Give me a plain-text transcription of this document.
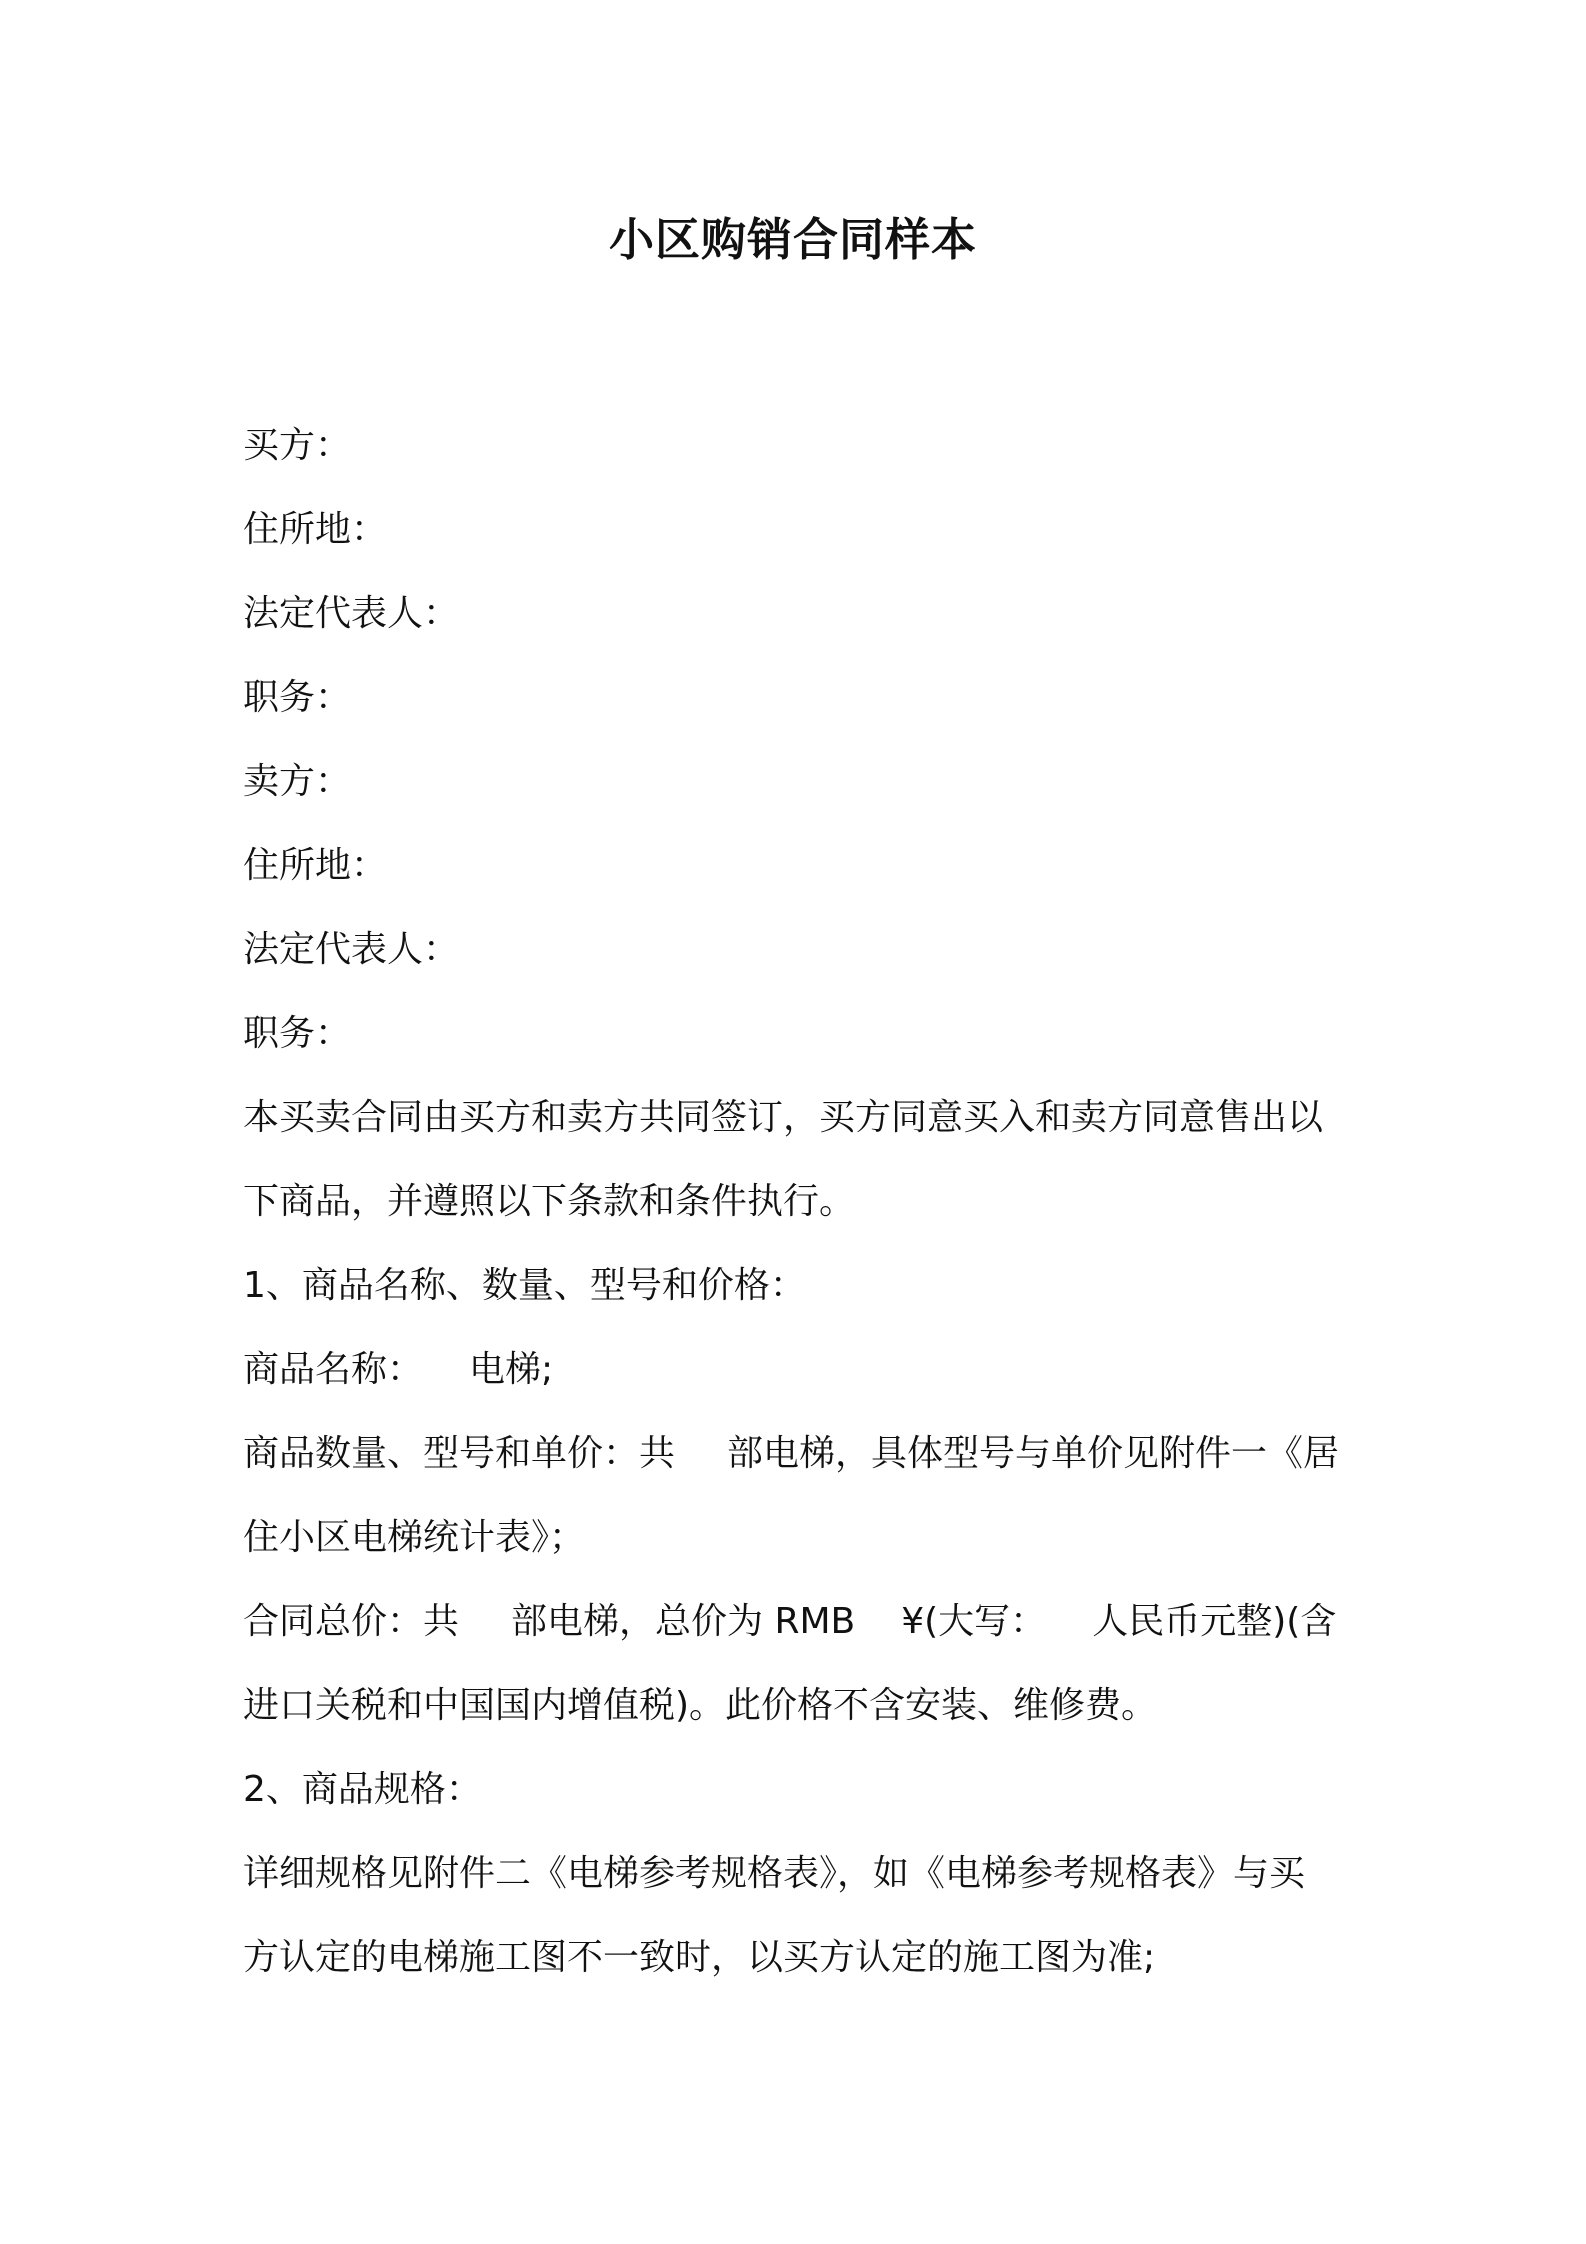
小区购销合同样本
买方：
住所地：
法定代表人：
职务：
卖方：
住所地：
法定代表人：
职务：
本买卖合同由买方和卖方共同签订，买方同意买入和卖方同意售出以
下商品，并遵照以下条款和条件执行。
1、商品名称、数量、型号和价格：
商品名称： 电梯;
商品数量、型号和单价：共 部电梯，具体型号与单价见附件一《居
住小区电梯统计表》；
合同总价：共 部电梯，总价为 RMB ¥(大写： 人民币元整)(含
进口关税和中国国内增值税)。此价格不含安装、维修费。
2、商品规格：
详细规格见附件二《电梯参考规格表》，如《电梯参考规格表》与买
方认定的电梯施工图不一致时，以买方认定的施工图为准;
